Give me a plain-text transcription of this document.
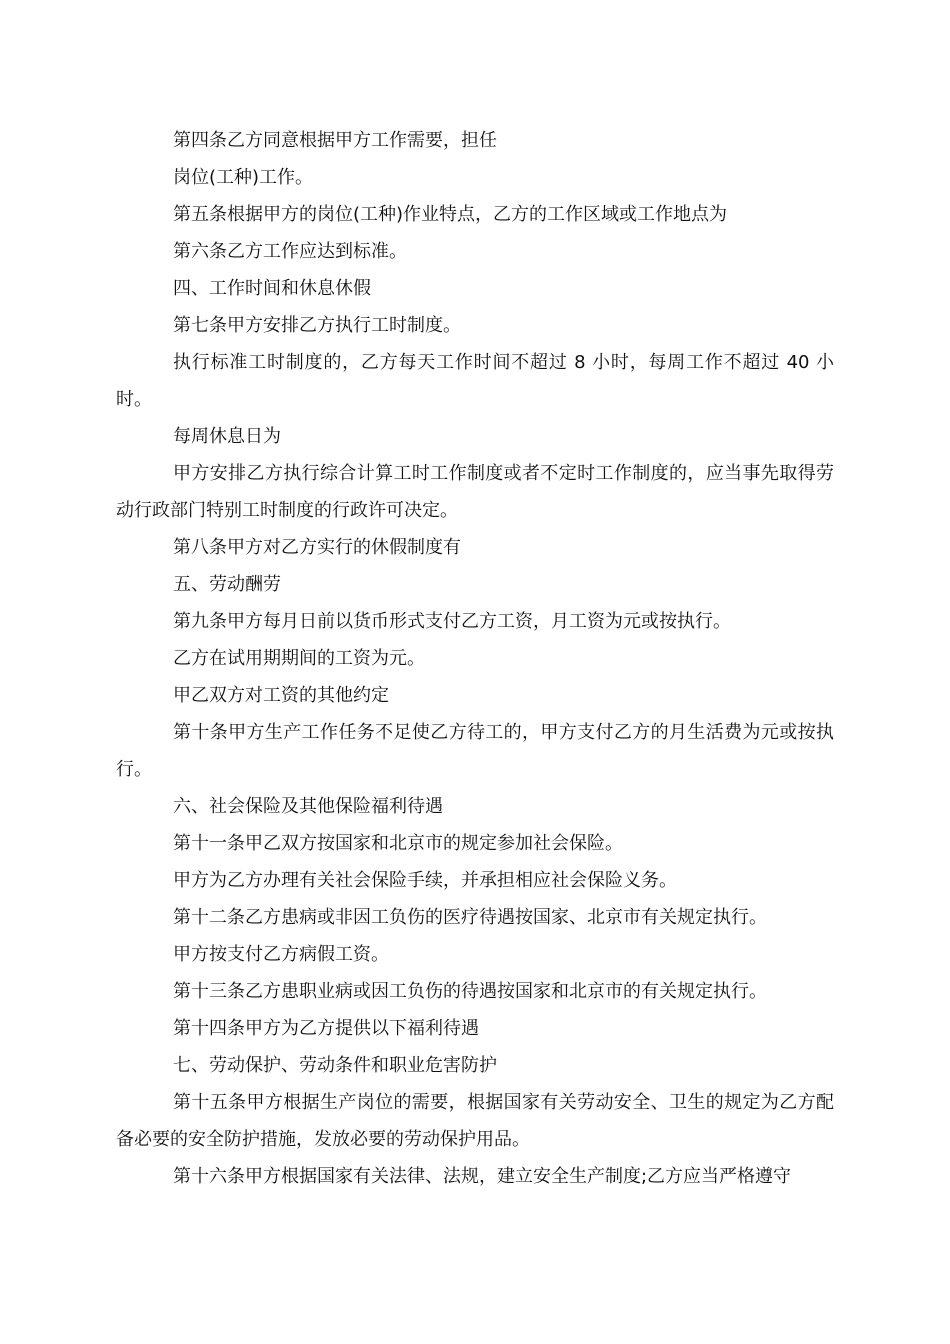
第四条乙方同意根据甲方工作需要，担任

岗位(工种)工作。

第五条根据甲方的岗位(工种)作业特点，乙方的工作区域或工作地点为

第六条乙方工作应达到标准。

四、工作时间和休息休假

第七条甲方安排乙方执行工时制度。

执行标准工时制度的，乙方每天工作时间不超过 8 小时，每周工作不超过 40 小时。

每周休息日为

甲方安排乙方执行综合计算工时工作制度或者不定时工作制度的，应当事先取得劳动行政部门特别工时制度的行政许可决定。

第八条甲方对乙方实行的休假制度有

五、劳动酬劳

第九条甲方每月日前以货币形式支付乙方工资，月工资为元或按执行。

乙方在试用期期间的工资为元。

甲乙双方对工资的其他约定

第十条甲方生产工作任务不足使乙方待工的，甲方支付乙方的月生活费为元或按执行。

六、社会保险及其他保险福利待遇

第十一条甲乙双方按国家和北京市的规定参加社会保险。

甲方为乙方办理有关社会保险手续，并承担相应社会保险义务。

第十二条乙方患病或非因工负伤的医疗待遇按国家、北京市有关规定执行。

甲方按支付乙方病假工资。

第十三条乙方患职业病或因工负伤的待遇按国家和北京市的有关规定执行。

第十四条甲方为乙方提供以下福利待遇

七、劳动保护、劳动条件和职业危害防护

第十五条甲方根据生产岗位的需要，根据国家有关劳动安全、卫生的规定为乙方配备必要的安全防护措施，发放必要的劳动保护用品。

第十六条甲方根据国家有关法律、法规，建立安全生产制度;乙方应当严格遵守
